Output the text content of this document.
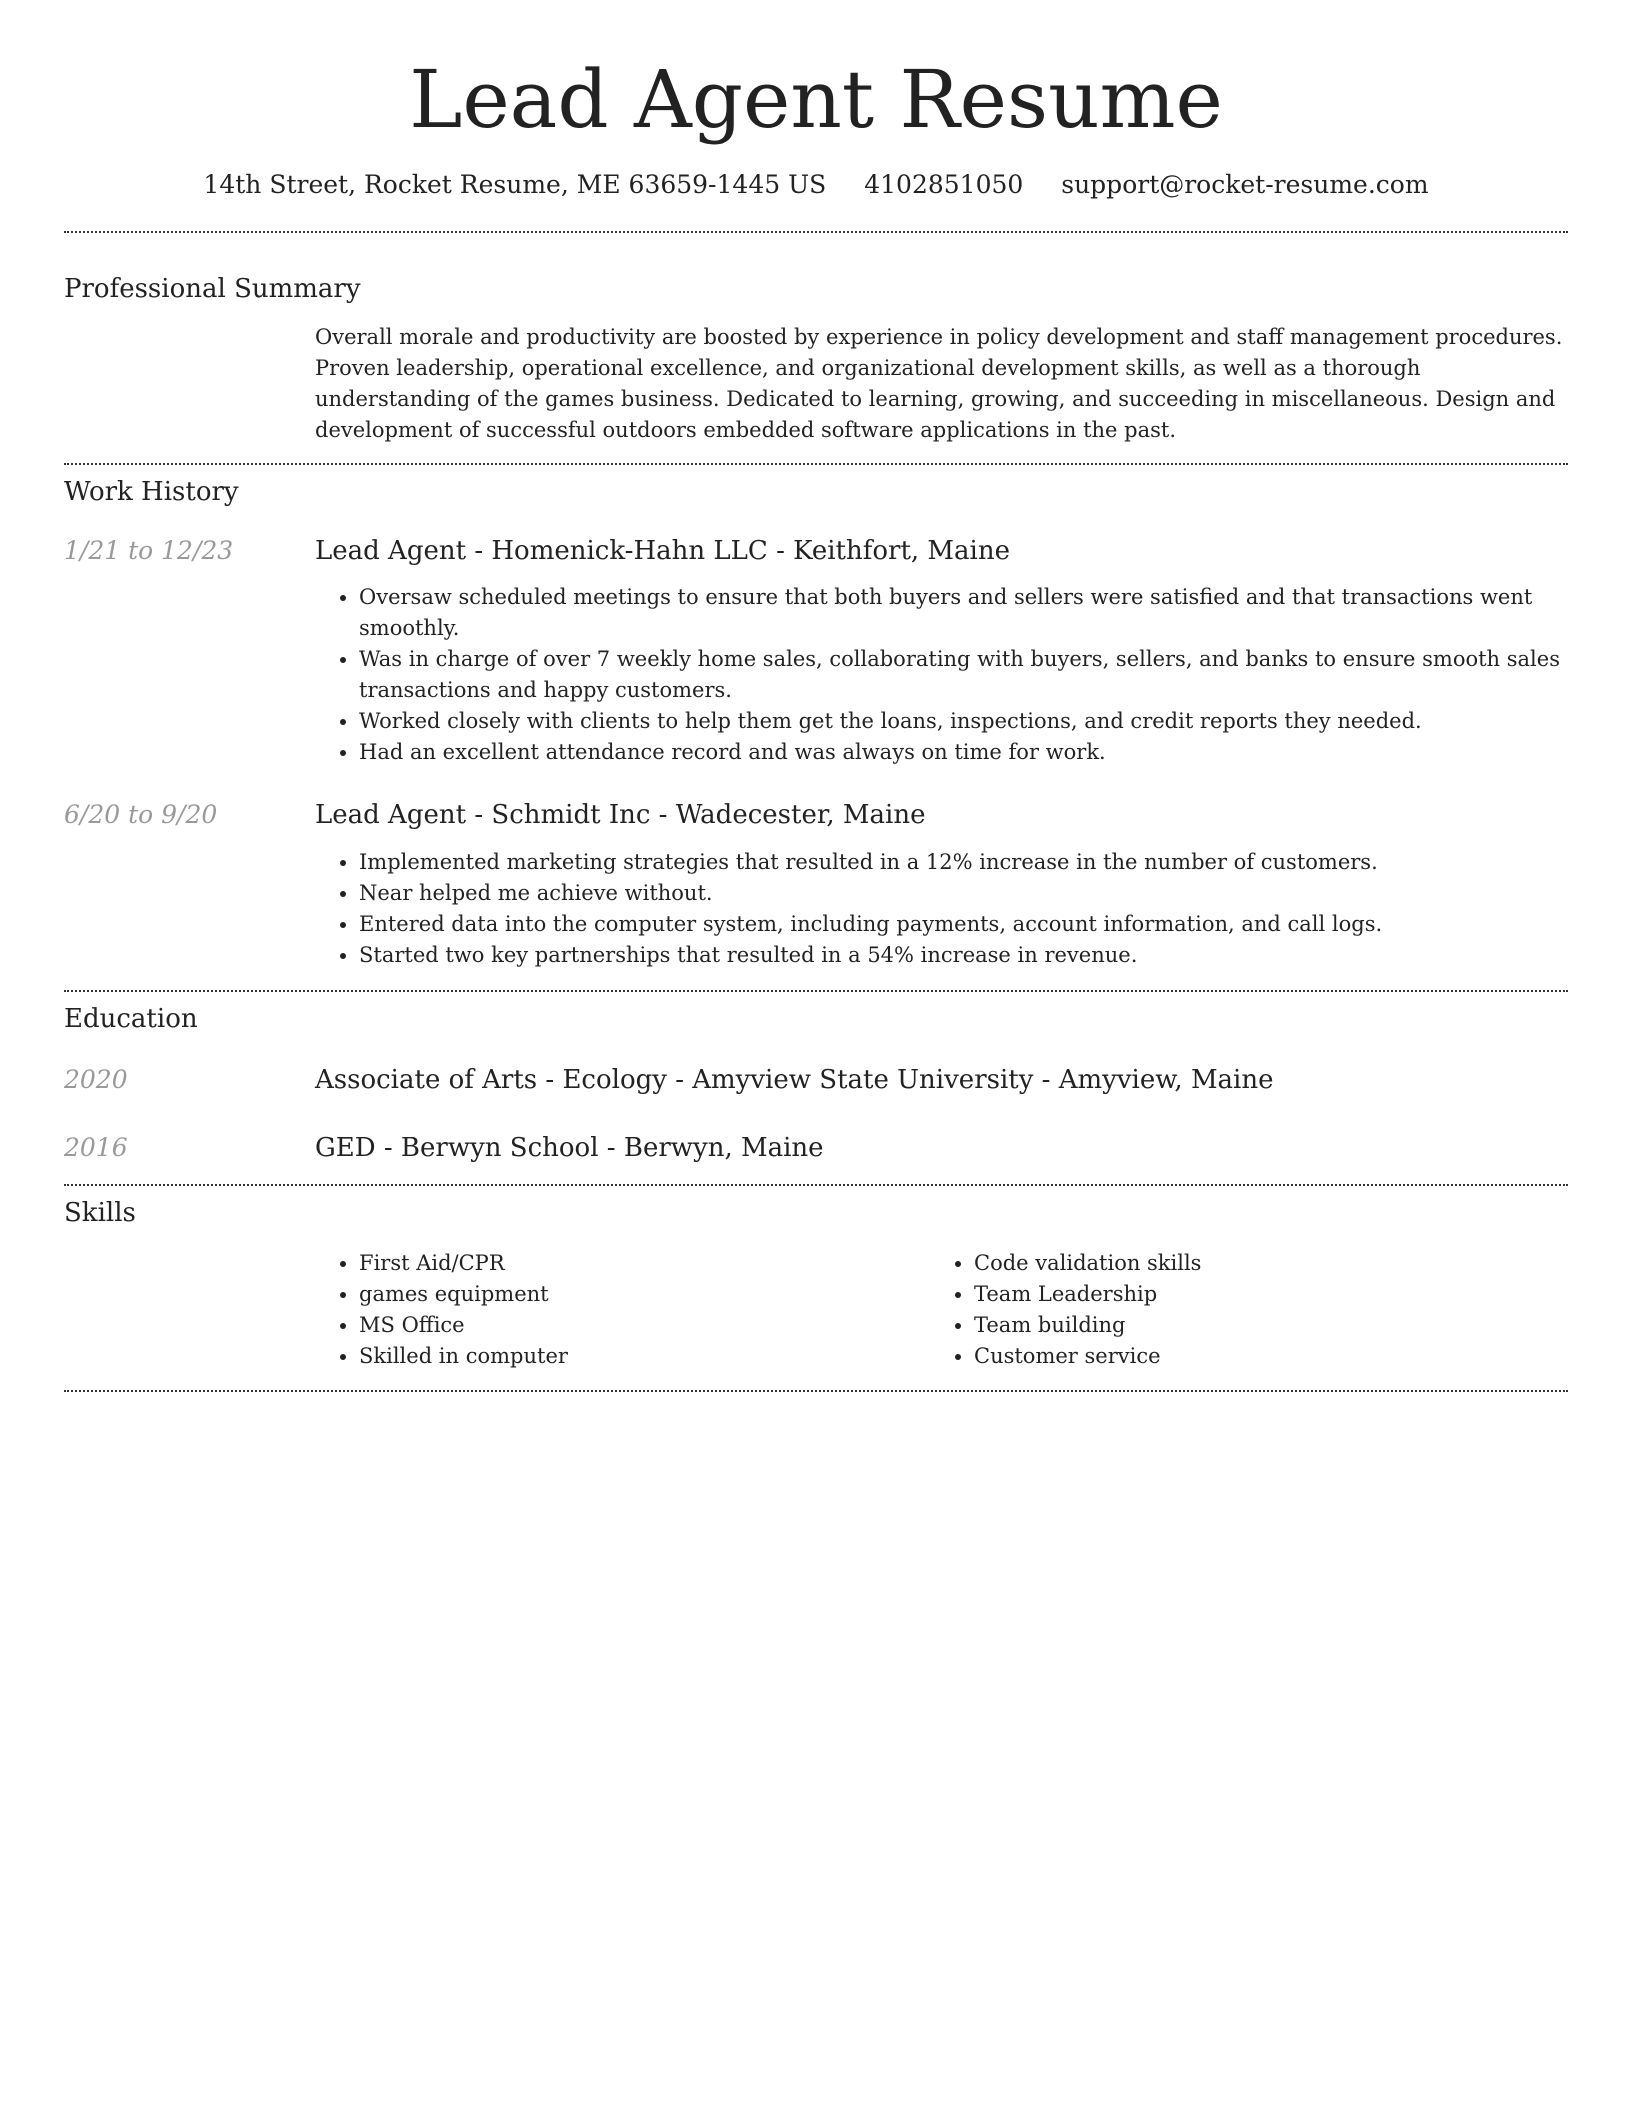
Lead Agent Resume
14th Street, Rocket Resume, ME 63659-1445 US 4102851050 support@rocket-resume.com
Professional Summary
Overall morale and productivity are boosted by experience in policy development and staff management procedures. Proven leadership, operational excellence, and organizational development skills, as well as a thorough understanding of the games business. Dedicated to learning, growing, and succeeding in miscellaneous. Design and development of successful outdoors embedded software applications in the past.
Work History
1/21 to 12/23	Lead Agent - Homenick-Hahn LLC - Keithfort, Maine
• Oversaw scheduled meetings to ensure that both buyers and sellers were satisfied and that transactions went smoothly.
• Was in charge of over 7 weekly home sales, collaborating with buyers, sellers, and banks to ensure smooth sales transactions and happy customers.
• Worked closely with clients to help them get the loans, inspections, and credit reports they needed.
• Had an excellent attendance record and was always on time for work.
6/20 to 9/20	Lead Agent - Schmidt Inc - Wadecester, Maine
• Implemented marketing strategies that resulted in a 12% increase in the number of customers.
• Near helped me achieve without.
• Entered data into the computer system, including payments, account information, and call logs.
• Started two key partnerships that resulted in a 54% increase in revenue.
Education
2020	Associate of Arts - Ecology - Amyview State University - Amyview, Maine
2016	GED - Berwyn School - Berwyn, Maine
Skills
• First Aid/CPR
• games equipment
• MS Office
• Skilled in computer
• Code validation skills
• Team Leadership
• Team building
• Customer service
